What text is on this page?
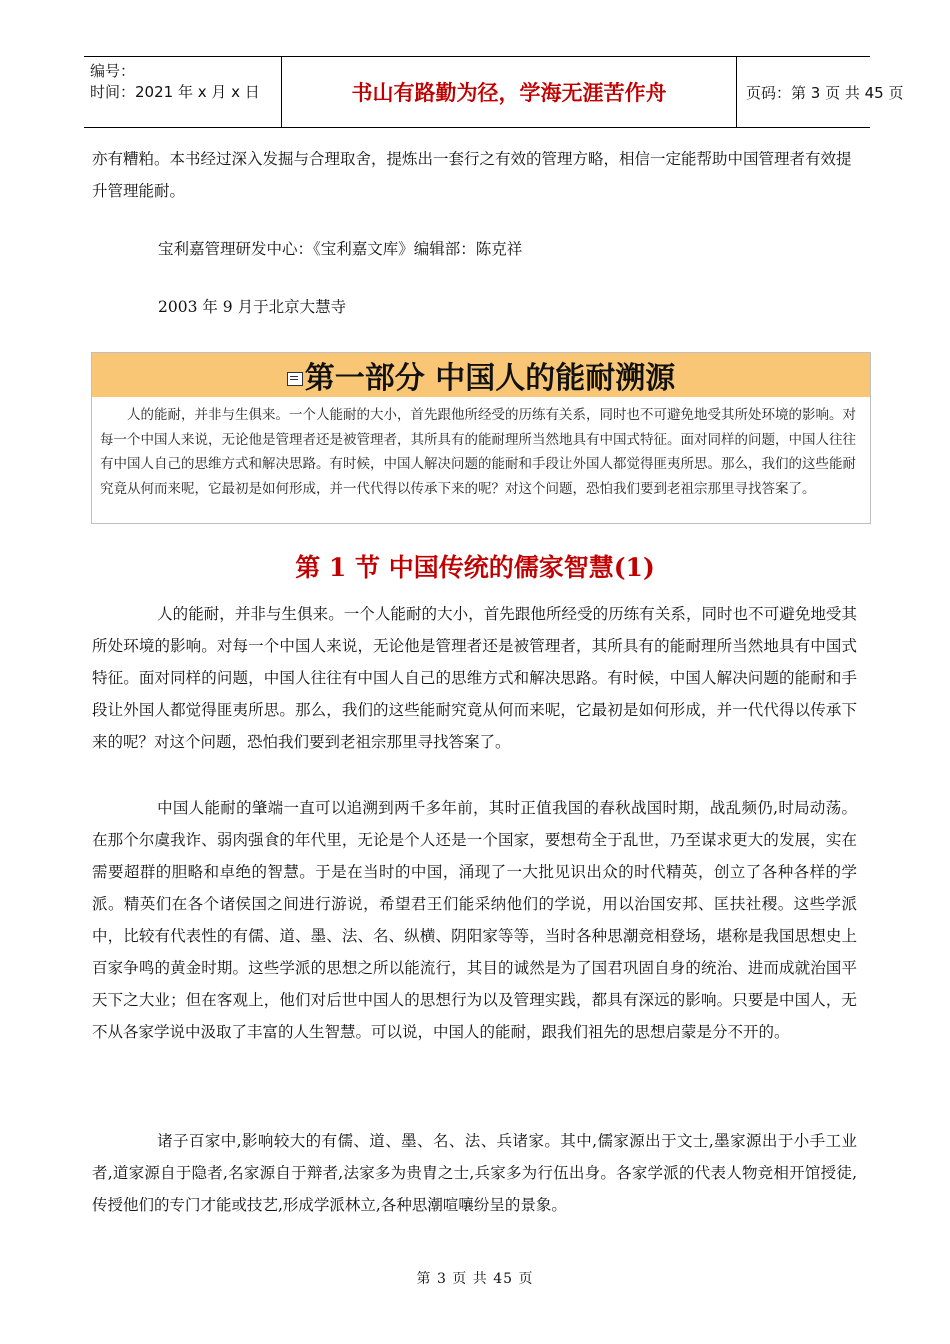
编号：
时间：2021 年 x 月 x 日	书山有路勤为径，学海无涯苦作舟	页码：第 3 页 共 45 页

亦有糟粕。本书经过深入发掘与合理取舍，提炼出一套行之有效的管理方略，相信一定能帮助中国管理者有效提升管理能耐。

宝利嘉管理研发中心：《宝利嘉文库》编辑部：陈克祥

2003 年 9 月于北京大慧寺

第一部分 中国人的能耐溯源

人的能耐，并非与生俱来。一个人能耐的大小，首先跟他所经受的历练有关系，同时也不可避免地受其所处环境的影响。对每一个中国人来说，无论他是管理者还是被管理者，其所具有的能耐理所当然地具有中国式特征。面对同样的问题，中国人往往有中国人自己的思维方式和解决思路。有时候，中国人解决问题的能耐和手段让外国人都觉得匪夷所思。那么，我们的这些能耐究竟从何而来呢，它最初是如何形成，并一代代得以传承下来的呢？对这个问题，恐怕我们要到老祖宗那里寻找答案了。

第 1 节 中国传统的儒家智慧(1)

人的能耐，并非与生俱来。一个人能耐的大小，首先跟他所经受的历练有关系，同时也不可避免地受其所处环境的影响。对每一个中国人来说，无论他是管理者还是被管理者，其所具有的能耐理所当然地具有中国式特征。面对同样的问题，中国人往往有中国人自己的思维方式和解决思路。有时候，中国人解决问题的能耐和手段让外国人都觉得匪夷所思。那么，我们的这些能耐究竟从何而来呢，它最初是如何形成，并一代代得以传承下来的呢？对这个问题，恐怕我们要到老祖宗那里寻找答案了。

中国人能耐的肇端一直可以追溯到两千多年前，其时正值我国的春秋战国时期，战乱频仍,时局动荡。在那个尔虞我诈、弱肉强食的年代里，无论是个人还是一个国家，要想苟全于乱世，乃至谋求更大的发展，实在需要超群的胆略和卓绝的智慧。于是在当时的中国，涌现了一大批见识出众的时代精英，创立了各种各样的学派。精英们在各个诸侯国之间进行游说，希望君王们能采纳他们的学说，用以治国安邦、匡扶社稷。这些学派中，比较有代表性的有儒、道、墨、法、名、纵横、阴阳家等等，当时各种思潮竞相登场，堪称是我国思想史上百家争鸣的黄金时期。这些学派的思想之所以能流行，其目的诚然是为了国君巩固自身的统治、进而成就治国平天下之大业；但在客观上，他们对后世中国人的思想行为以及管理实践，都具有深远的影响。只要是中国人，无不从各家学说中汲取了丰富的人生智慧。可以说，中国人的能耐，跟我们祖先的思想启蒙是分不开的。

诸子百家中,影响较大的有儒、道、墨、名、法、兵诸家。其中,儒家源出于文士,墨家源出于小手工业者,道家源自于隐者,名家源自于辩者,法家多为贵胄之士,兵家多为行伍出身。各家学派的代表人物竞相开馆授徒,传授他们的专门才能或技艺,形成学派林立,各种思潮喧嚷纷呈的景象。

第 3 页 共 45 页
